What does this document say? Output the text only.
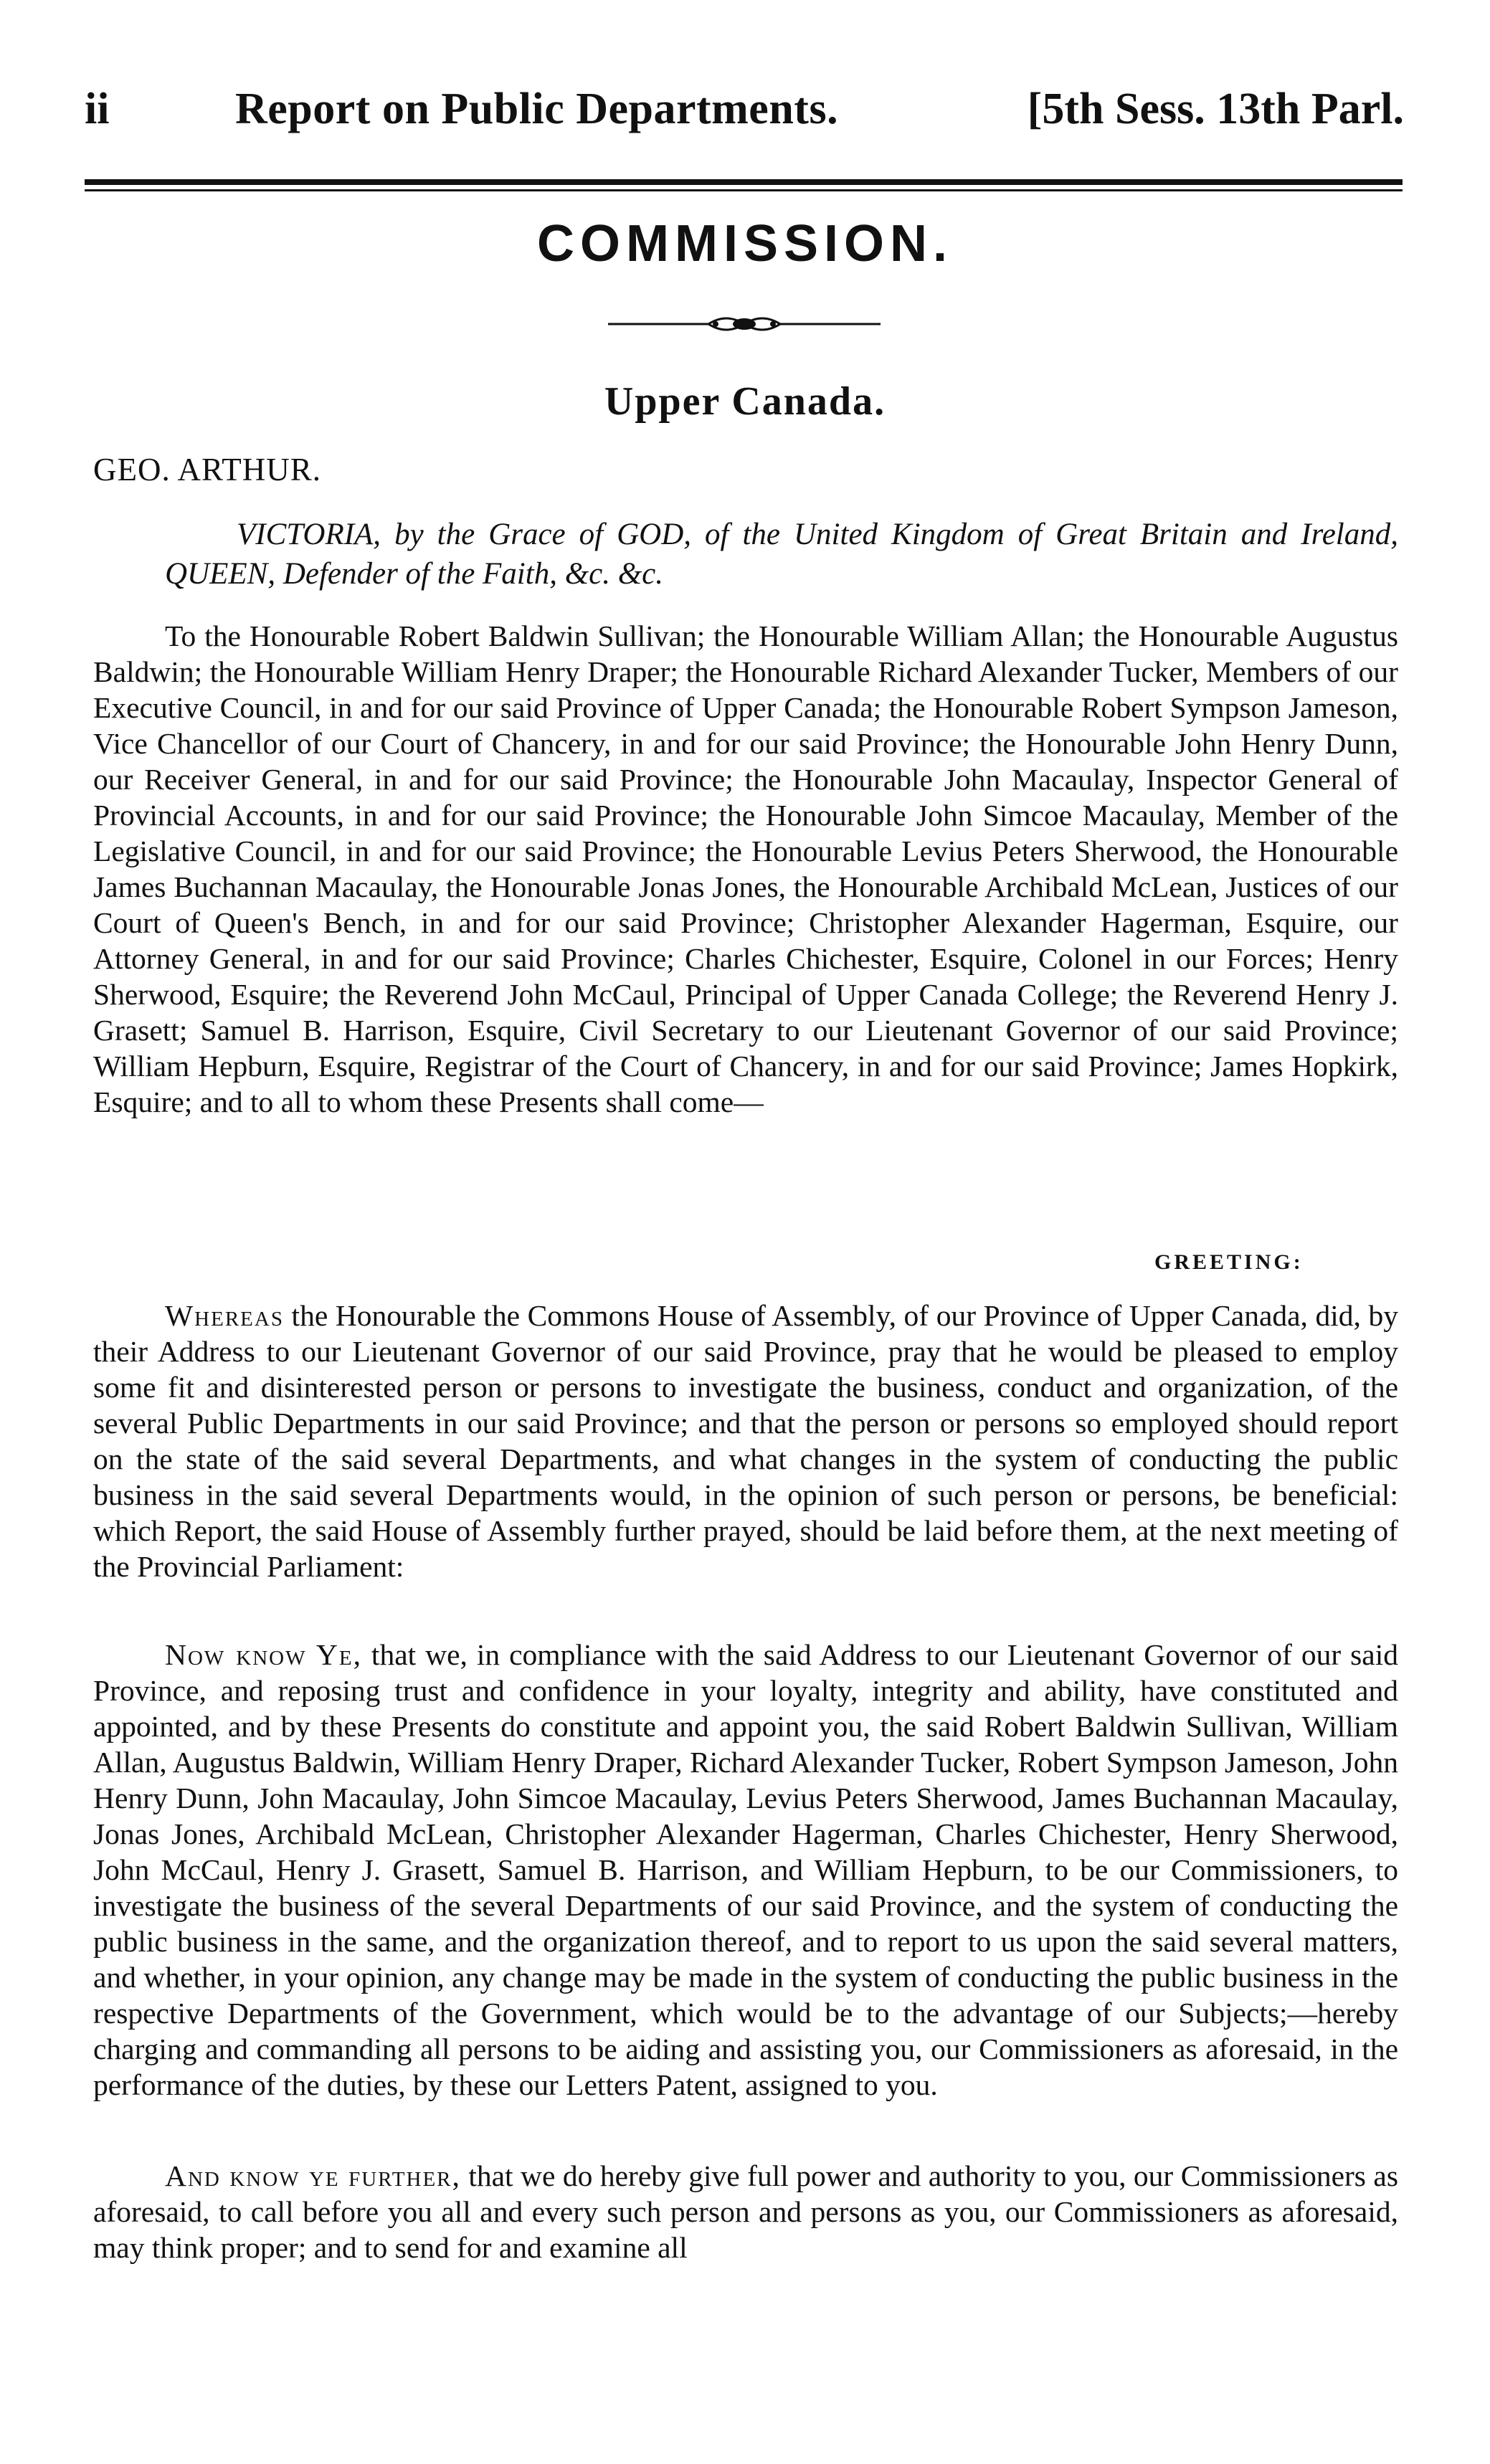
ii	Report on Public Departments.	[5th Sess. 13th Parl.
COMMISSION.
Upper Canada.
GEO. ARTHUR.

VICTORIA, by the Grace of GOD, of the United Kingdom of Great Britain and Ireland, QUEEN, Defender of the Faith, &c. &c.

To the Honourable Robert Baldwin Sullivan; the Honourable William Allan; the Honourable Augustus Baldwin; the Honourable William Henry Draper; the Honourable Richard Alexander Tucker, Members of our Executive Council, in and for our said Province of Upper Canada; the Honourable Robert Sympson Jameson, Vice Chancellor of our Court of Chancery, in and for our said Province; the Honourable John Henry Dunn, our Receiver General, in and for our said Province; the Honourable John Macaulay, Inspector General of Provincial Accounts, in and for our said Province; the Honourable John Simcoe Macaulay, Member of the Legislative Council, in and for our said Province; the Honourable Levius Peters Sherwood, the Honourable James Buchannan Macaulay, the Honourable Jonas Jones, the Honourable Archibald McLean, Justices of our Court of Queen's Bench, in and for our said Province; Christopher Alexander Hagerman, Esquire, our Attorney General, in and for our said Province; Charles Chichester, Esquire, Colonel in our Forces; Henry Sherwood, Esquire; the Reverend John McCaul, Principal of Upper Canada College; the Reverend Henry J. Grasett; Samuel B. Harrison, Esquire, Civil Secretary to our Lieutenant Governor of our said Province; William Hepburn, Esquire, Registrar of the Court of Chancery, in and for our said Province; James Hopkirk, Esquire; and to all to whom these Presents shall come—

GREETING:

Whereas the Honourable the Commons House of Assembly, of our Province of Upper Canada, did, by their Address to our Lieutenant Governor of our said Province, pray that he would be pleased to employ some fit and disinterested person or persons to investigate the business, conduct and organization, of the several Public Departments in our said Province; and that the person or persons so employed should report on the state of the said several Departments, and what changes in the system of conducting the public business in the said several Departments would, in the opinion of such person or persons, be beneficial: which Report, the said House of Assembly further prayed, should be laid before them, at the next meeting of the Provincial Parliament:

Now know Ye, that we, in compliance with the said Address to our Lieutenant Governor of our said Province, and reposing trust and confidence in your loyalty, integrity and ability, have constituted and appointed, and by these Presents do constitute and appoint you, the said Robert Baldwin Sullivan, William Allan, Augustus Baldwin, William Henry Draper, Richard Alexander Tucker, Robert Sympson Jameson, John Henry Dunn, John Macaulay, John Simcoe Macaulay, Levius Peters Sherwood, James Buchannan Macaulay, Jonas Jones, Archibald McLean, Christopher Alexander Hagerman, Charles Chichester, Henry Sherwood, John McCaul, Henry J. Grasett, Samuel B. Harrison, and William Hepburn, to be our Commissioners, to investigate the business of the several Departments of our said Province, and the system of conducting the public business in the same, and the organization thereof, and to report to us upon the said several matters, and whether, in your opinion, any change may be made in the system of conducting the public business in the respective Departments of the Government, which would be to the advantage of our Subjects;—hereby charging and commanding all persons to be aiding and assisting you, our Commissioners as aforesaid, in the performance of the duties, by these our Letters Patent, assigned to you.

And know ye further, that we do hereby give full power and authority to you, our Commissioners as aforesaid, to call before you all and every such person and persons as you, our Commissioners as aforesaid, may think proper; and to send for and examine all
